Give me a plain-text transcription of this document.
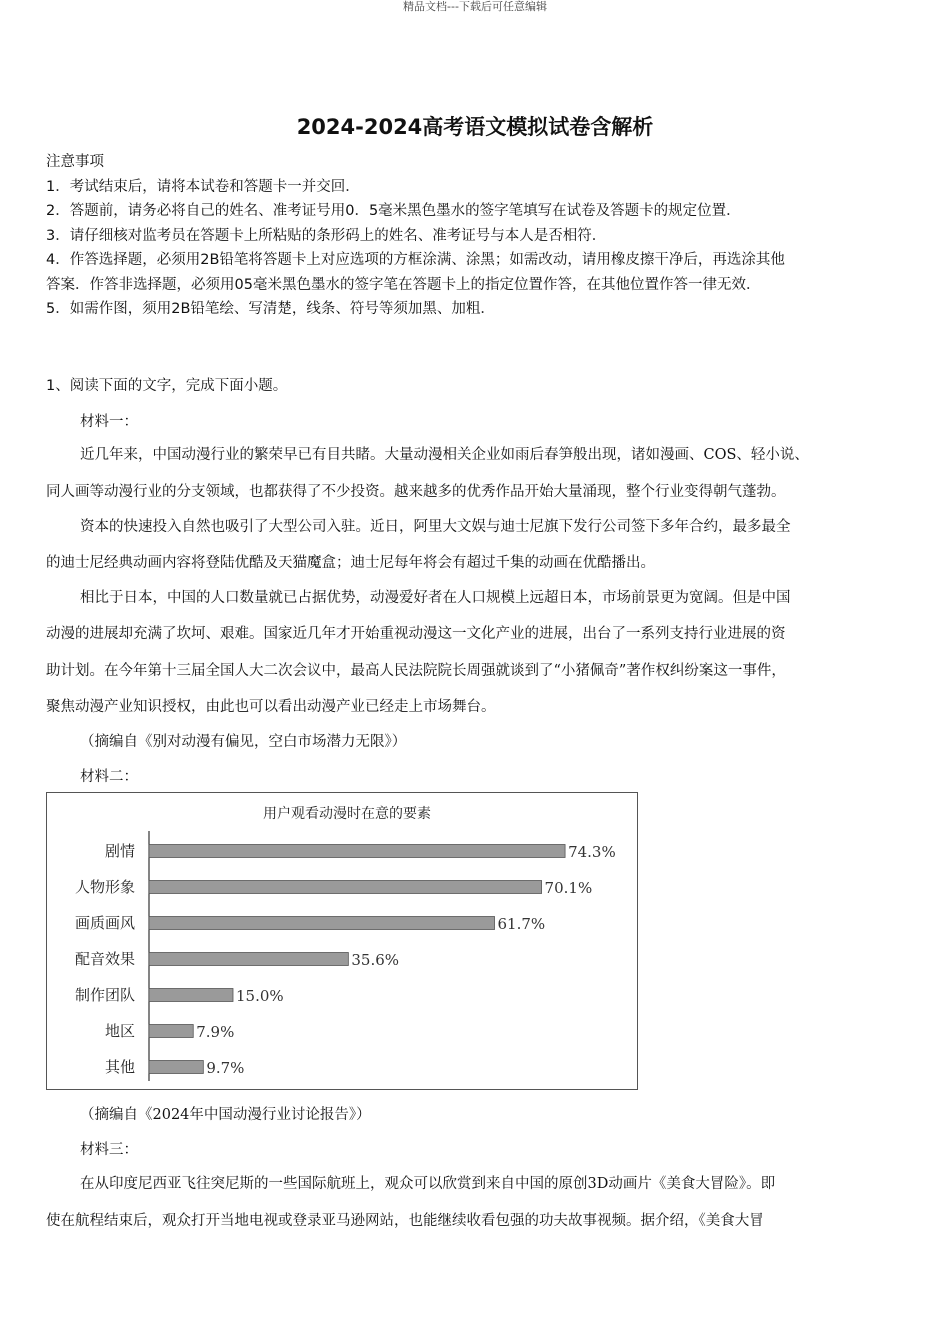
精品文档---下载后可任意编辑
2024-2024高考语文模拟试卷含解析
注意事项
1．考试结束后，请将本试卷和答题卡一并交回．
2．答题前，请务必将自己的姓名、准考证号用0．5毫米黑色墨水的签字笔填写在试卷及答题卡的规定位置．
3．请仔细核对监考员在答题卡上所粘贴的条形码上的姓名、准考证号与本人是否相符．
4．作答选择题，必须用2B铅笔将答题卡上对应选项的方框涂满、涂黑；如需改动，请用橡皮擦干净后，再选涂其他
答案．作答非选择题，必须用05毫米黑色墨水的签字笔在答题卡上的指定位置作答，在其他位置作答一律无效．
5．如需作图，须用2B铅笔绘、写清楚，线条、符号等须加黑、加粗．
1、阅读下面的文字，完成下面小题。
材料一：
近几年来，中国动漫行业的繁荣早已有目共睹。大量动漫相关企业如雨后春笋般出现，诸如漫画、COS、轻小说、
同人画等动漫行业的分支领域，也都获得了不少投资。越来越多的优秀作品开始大量涌现，整个行业变得朝气蓬勃。
资本的快速投入自然也吸引了大型公司入驻。近日，阿里大文娱与迪士尼旗下发行公司签下多年合约，最多最全
的迪士尼经典动画内容将登陆优酷及天猫魔盒；迪士尼每年将会有超过千集的动画在优酷播出。
相比于日本，中国的人口数量就已占据优势，动漫爱好者在人口规模上远超日本，市场前景更为宽阔。但是中国
动漫的进展却充满了坎坷、艰难。国家近几年才开始重视动漫这一文化产业的进展，出台了一系列支持行业进展的资
助计划。在今年第十三届全国人大二次会议中，最高人民法院院长周强就谈到了“小猪佩奇”著作权纠纷案这一事件，
聚焦动漫产业知识授权，由此也可以看出动漫产业已经走上市场舞台。
（摘编自《别对动漫有偏见，空白市场潜力无限》）
材料二：
用户观看动漫时在意的要素
剧情	74.3%
人物形象	70.1%
画质画风	61.7%
配音效果	35.6%
制作团队	15.0%
地区	7.9%
其他	9.7%
（摘编自《2024年中国动漫行业讨论报告》）
材料三：
在从印度尼西亚飞往突尼斯的一些国际航班上，观众可以欣赏到来自中国的原创3D动画片《美食大冒险》。即
使在航程结束后，观众打开当地电视或登录亚马逊网站，也能继续收看包强的功夫故事视频。据介绍，《美食大冒
